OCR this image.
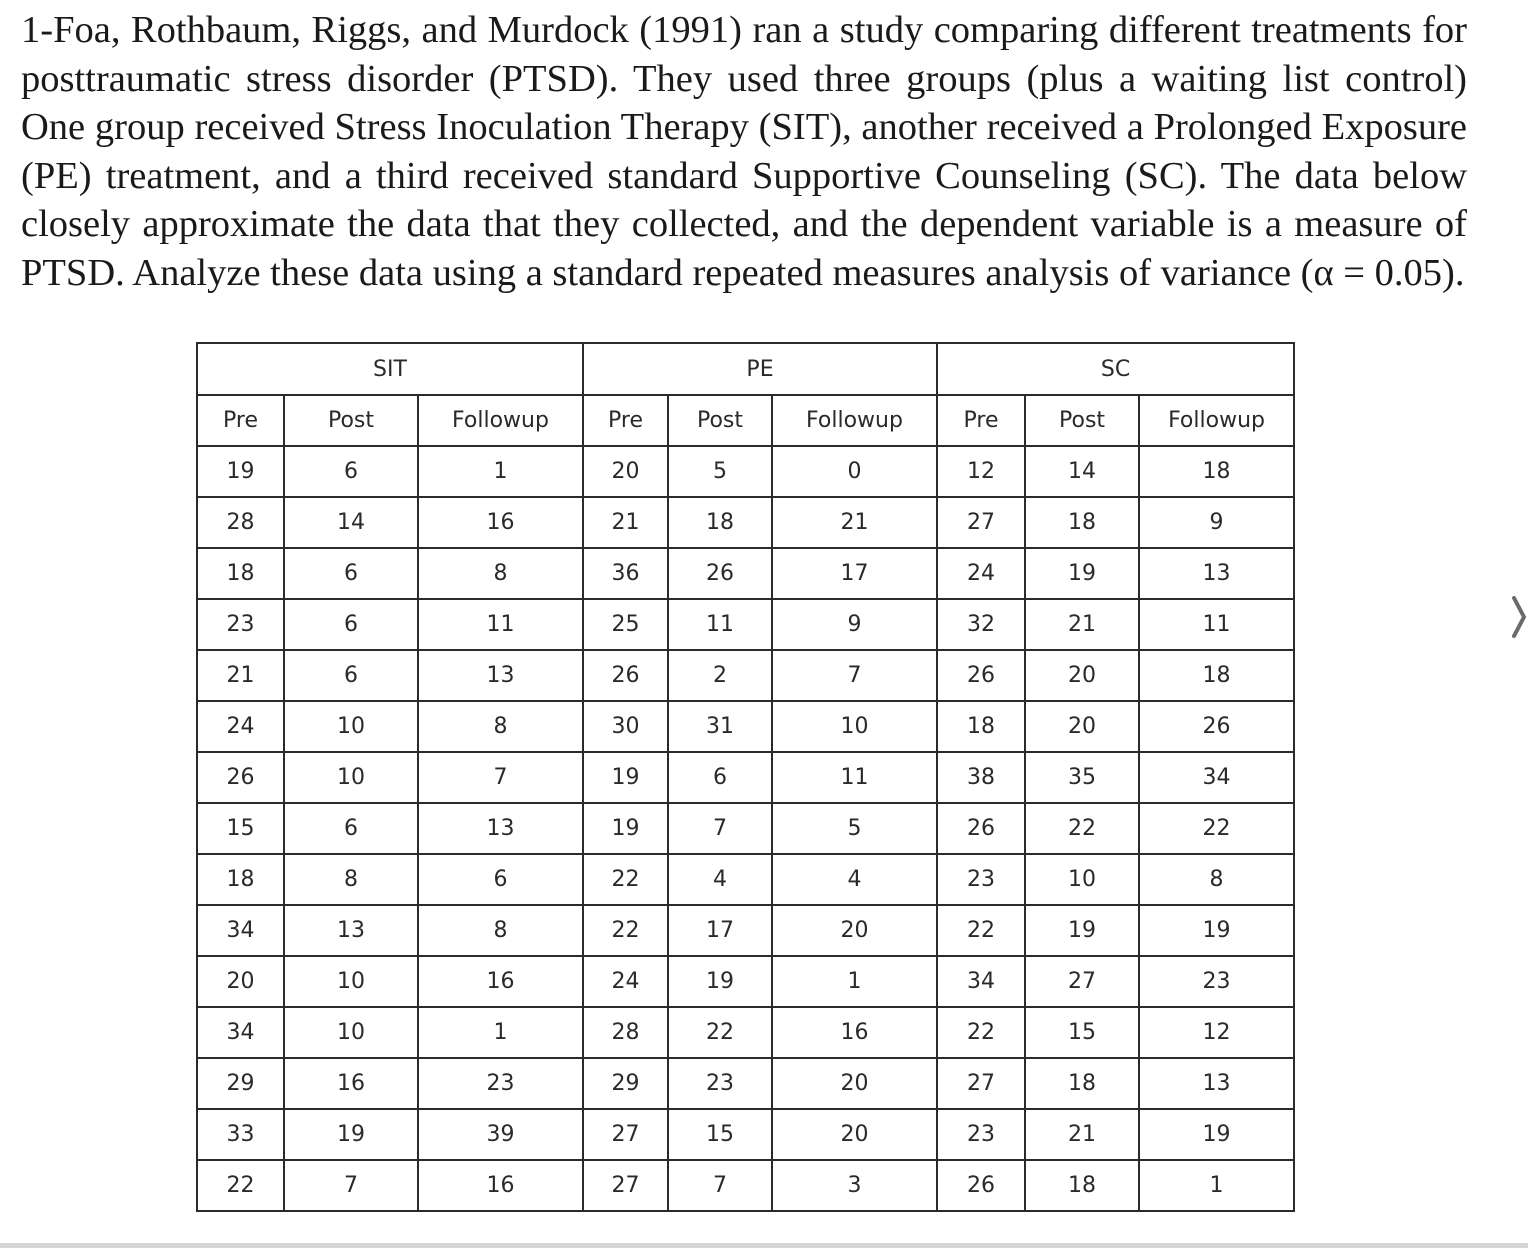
1-Foa, Rothbaum, Riggs, and Murdock (1991) ran a study comparing different treatments for posttraumatic stress disorder (PTSD). They used three groups (plus a waiting list control) One group received Stress Inoculation Therapy (SIT), another received a Prolonged Exposure (PE) treatment, and a third received standard Supportive Counseling (SC). The data below closely approximate the data that they collected, and the dependent variable is a measure of PTSD. Analyze these data using a standard repeated measures analysis of variance (α = 0.05).

SIT			PE			SC		
Pre	Post	Followup	Pre	Post	Followup	Pre	Post	Followup
19	6	1	20	5	0	12	14	18
28	14	16	21	18	21	27	18	9
18	6	8	36	26	17	24	19	13
23	6	11	25	11	9	32	21	11
21	6	13	26	2	7	26	20	18
24	10	8	30	31	10	18	20	26
26	10	7	19	6	11	38	35	34
15	6	13	19	7	5	26	22	22
18	8	6	22	4	4	23	10	8
34	13	8	22	17	20	22	19	19
20	10	16	24	19	1	34	27	23
34	10	1	28	22	16	22	15	12
29	16	23	29	23	20	27	18	13
33	19	39	27	15	20	23	21	19
22	7	16	27	7	3	26	18	1
